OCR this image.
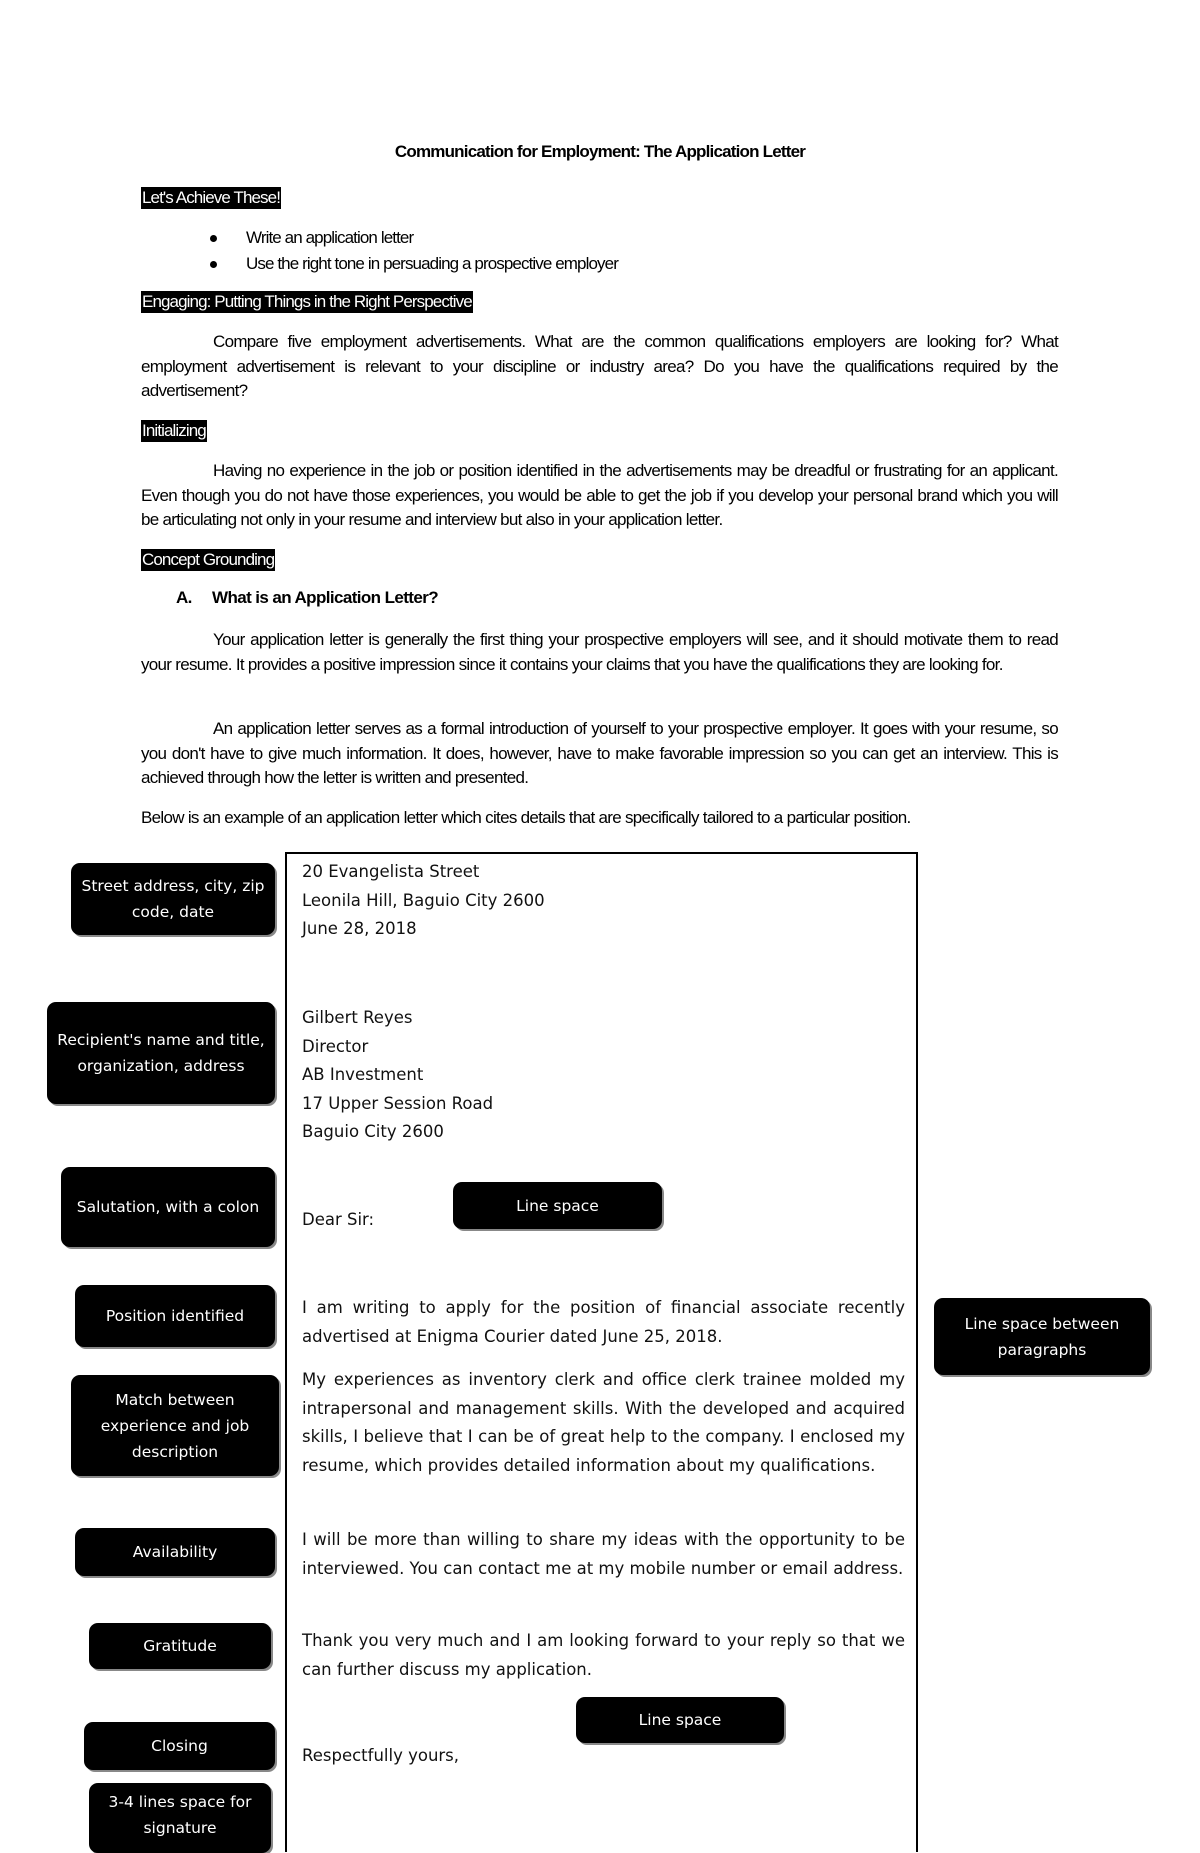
Communication for Employment: The Application Letter
Let's Achieve These!
Write an application letter
Use the right tone in persuading a prospective employer
Engaging: Putting Things in the Right Perspective
Compare five employment advertisements. What are the common qualifications employers are looking for? What employment advertisement is relevant to your discipline or industry area? Do you have the qualifications required by the advertisement?
Initializing
Having no experience in the job or position identified in the advertisements may be dreadful or frustrating for an applicant. Even though you do not have those experiences, you would be able to get the job if you develop your personal brand which you will be articulating not only in your resume and interview but also in your application letter.
Concept Grounding
A. What is an Application Letter?
Your application letter is generally the first thing your prospective employers will see, and it should motivate them to read your resume. It provides a positive impression since it contains your claims that you have the qualifications they are looking for.
An application letter serves as a formal introduction of yourself to your prospective employer. It goes with your resume, so you don't have to give much information. It does, however, have to make favorable impression so you can get an interview. This is achieved through how the letter is written and presented.
Below is an example of an application letter which cites details that are specifically tailored to a particular position.
20 Evangelista Street
Leonila Hill, Baguio City 2600
June 28, 2018
Gilbert Reyes
Director
AB Investment
17 Upper Session Road
Baguio City 2600
Dear Sir:
I am writing to apply for the position of financial associate recently advertised at Enigma Courier dated June 25, 2018.
My experiences as inventory clerk and office clerk trainee molded my intrapersonal and management skills. With the developed and acquired skills, I believe that I can be of great help to the company. I enclosed my resume, which provides detailed information about my qualifications.
I will be more than willing to share my ideas with the opportunity to be interviewed. You can contact me at my mobile number or email address.
Thank you very much and I am looking forward to your reply so that we can further discuss my application.
Respectfully yours,
Street address, city, zip code, date
Recipient's name and title, organization, address
Salutation, with a colon
Position identified
Match between experience and job description
Availability
Gratitude
Closing
3-4 lines space for signature
Line space
Line space
Line space between paragraphs
